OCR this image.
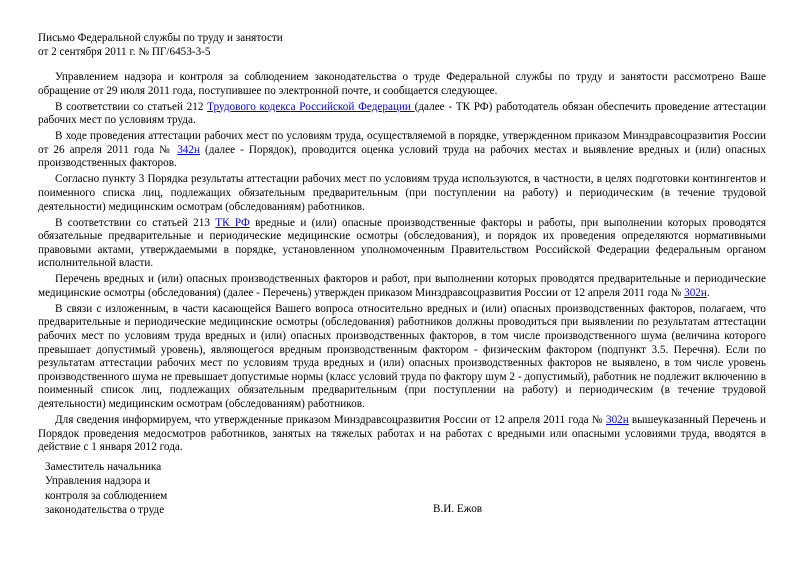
Письмо Федеральной службы по труду и занятости
от 2 сентября 2011 г. № ПГ/6453-3-5

Управлением надзора и контроля за соблюдением законодательства о труде Федеральной службы по труду и занятости рассмотрено Ваше обращение от 29 июля 2011 года, поступившее по электронной почте, и сообщается следующее.

В соответствии со статьей 212 Трудового кодекса Российской Федерации (далее - ТК РФ) работодатель обязан обеспечить проведение аттестации рабочих мест по условиям труда.

В ходе проведения аттестации рабочих мест по условиям труда, осуществляемой в порядке, утвержденном приказом Минздравсоцразвития России от 26 апреля 2011 года № 342н (далее - Порядок), проводится оценка условий труда на рабочих местах и выявление вредных и (или) опасных производственных факторов.

Согласно пункту 3 Порядка результаты аттестации рабочих мест по условиям труда используются, в частности, в целях подготовки контингентов и поименного списка лиц, подлежащих обязательным предварительным (при поступлении на работу) и периодическим (в течение трудовой деятельности) медицинским осмотрам (обследованиям) работников.

В соответствии со статьей 213 ТК РФ вредные и (или) опасные производственные факторы и работы, при выполнении которых проводятся обязательные предварительные и периодические медицинские осмотры (обследования), и порядок их проведения определяются нормативными правовыми актами, утверждаемыми в порядке, установленном уполномоченным Правительством Российской Федерации федеральным органом исполнительной власти.

Перечень вредных и (или) опасных производственных факторов и работ, при выполнении которых проводятся предварительные и периодические медицинские осмотры (обследования) (далее - Перечень) утвержден приказом Минздравсоцразвития России от 12 апреля 2011 года № 302н.

В связи с изложенным, в части касающейся Вашего вопроса относительно вредных и (или) опасных производственных факторов, полагаем, что предварительные и периодические медицинские осмотры (обследования) работников должны проводиться при выявлении по результатам аттестации рабочих мест по условиям труда вредных и (или) опасных производственных факторов, в том числе производственного шума (величина которого превышает допустимый уровень), являющегося вредным производственным фактором - физическим фактором (подпункт 3.5. Перечня). Если по результатам аттестации рабочих мест по условиям труда вредных и (или) опасных производственных факторов не выявлено, в том числе уровень производственного шума не превышает допустимые нормы (класс условий труда по фактору шум 2 - допустимый), работник не подлежит включению в поименный список лиц, подлежащих обязательным предварительным (при поступлении на работу) и периодическим (в течение трудовой деятельности) медицинским осмотрам (обследованиям) работников.

Для сведения информируем, что утвержденные приказом Минздравсоцразвития России от 12 апреля 2011 года № 302н вышеуказанный Перечень и Порядок проведения медосмотров работников, занятых на тяжелых работах и на работах с вредными или опасными условиями труда, вводятся в действие с 1 января 2012 года.

Заместитель начальника
Управления надзора и
контроля за соблюдением
законодательства о труде	В.И. Ежов
